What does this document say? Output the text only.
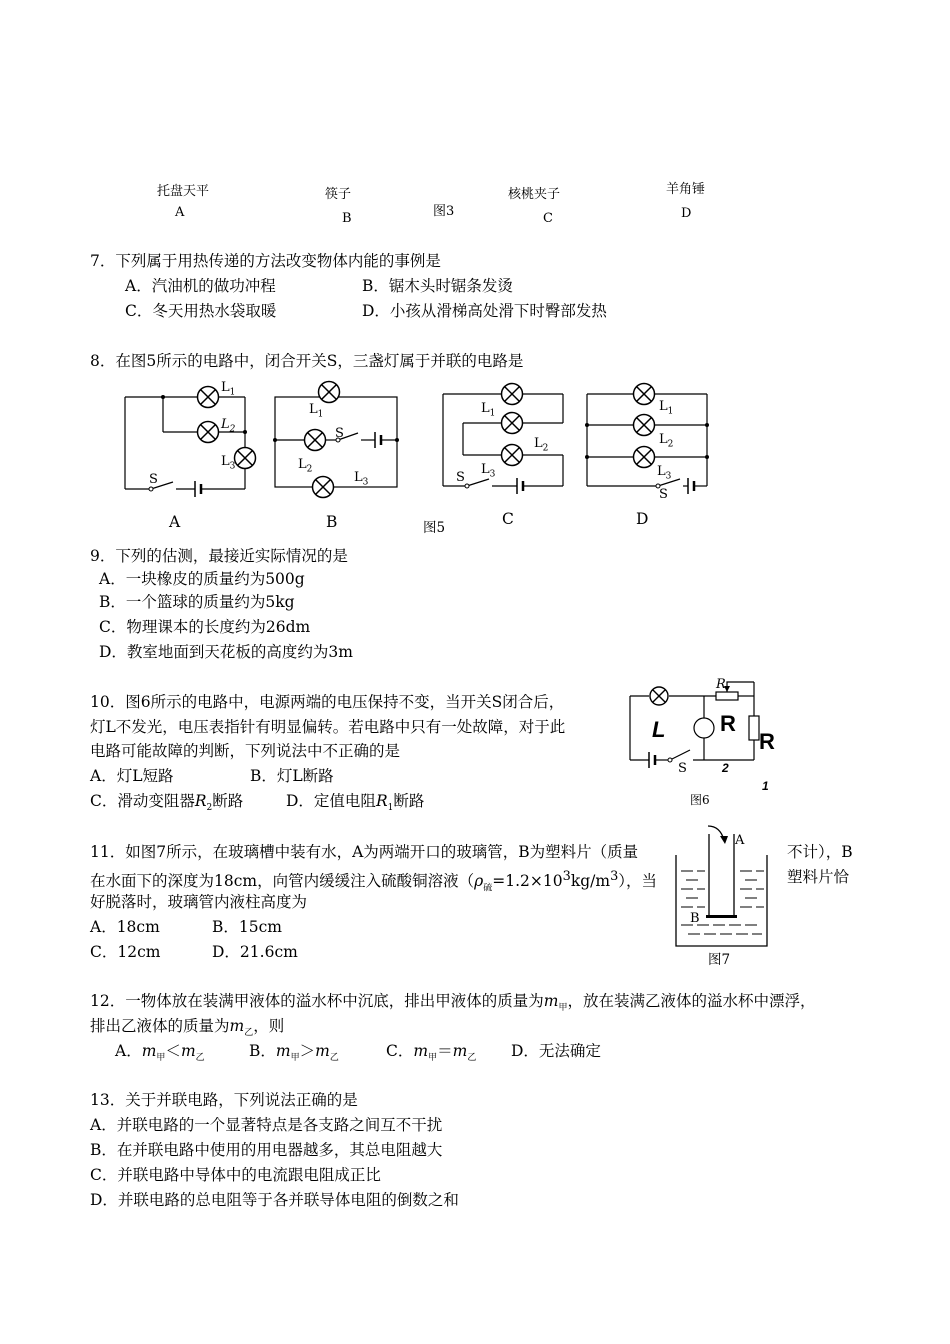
托盘天平
A
筷子
B	图3
核桃夹子
C
羊角锤
D
7．下列属于用热传递的方法改变物体内能的事例是
A．汽油机的做功冲程	B．锯木头时锯条发烫
C．冬天用热水袋取暖	D．小孩从滑梯高处滑下时臀部发热
8．在图5所示的电路中，闭合开关S，三盏灯属于并联的电路是
$L_1$
$L_2$
$L_3$
S
$L_1$
S
$L_2$
$L_3$
$L_1$
$L_2$
$L_3$
S
$L_1$
$L_2$
$L_3$
S
A	B	图5	C	D
9．下列的估测，最接近实际情况的是
A．一块橡皮的质量约为500g
B．一个篮球的质量约为5kg
C．物理课本的长度约为26dm
D．教室地面到天花板的高度约为3m
10．图6所示的电路中，电源两端的电压保持不变，当开关S闭合后，
灯L不发光，电压表指针有明显偏转。若电路中只有一处故障，对于此
电路可能故障的判断，下列说法中不正确的是
A．灯L短路	B．灯L断路
C．滑动变阻器$R_2$断路	D．定值电阻$R_1$断路
R
L R
R
S	2
1
图6
11．如图7所示，在玻璃槽中装有水，A为两端开口的玻璃管，B为塑料片（质量	不计），B
在水面下的深度为18cm，向管内缓缓注入硫酸铜溶液$(\rho_硫=1.2\times 10^3kg/m^3)$，当	塑料片恰
好脱落时，玻璃管内液柱高度为
A．18cm	B．15cm
C．12cm	D．21.6cm
A
B
图7
12．一物体放在装满甲液体的溢水杯中沉底，排出甲液体的质量为$m_甲$，放在装满乙液体的溢水杯中漂浮，
排出乙液体的质量为$m_乙$，则
A．$m_甲<m_乙$	B．$m_甲>m_乙$	C．$m_甲=m_乙$ D．无法确定
13．关于并联电路，下列说法正确的是
A．并联电路的一个显著特点是各支路之间互不干扰
B．在并联电路中使用的用电器越多，其总电阻越大
C．并联电路中导体中的电流跟电阻成正比
D．并联电路的总电阻等于各并联导体电阻的倒数之和
